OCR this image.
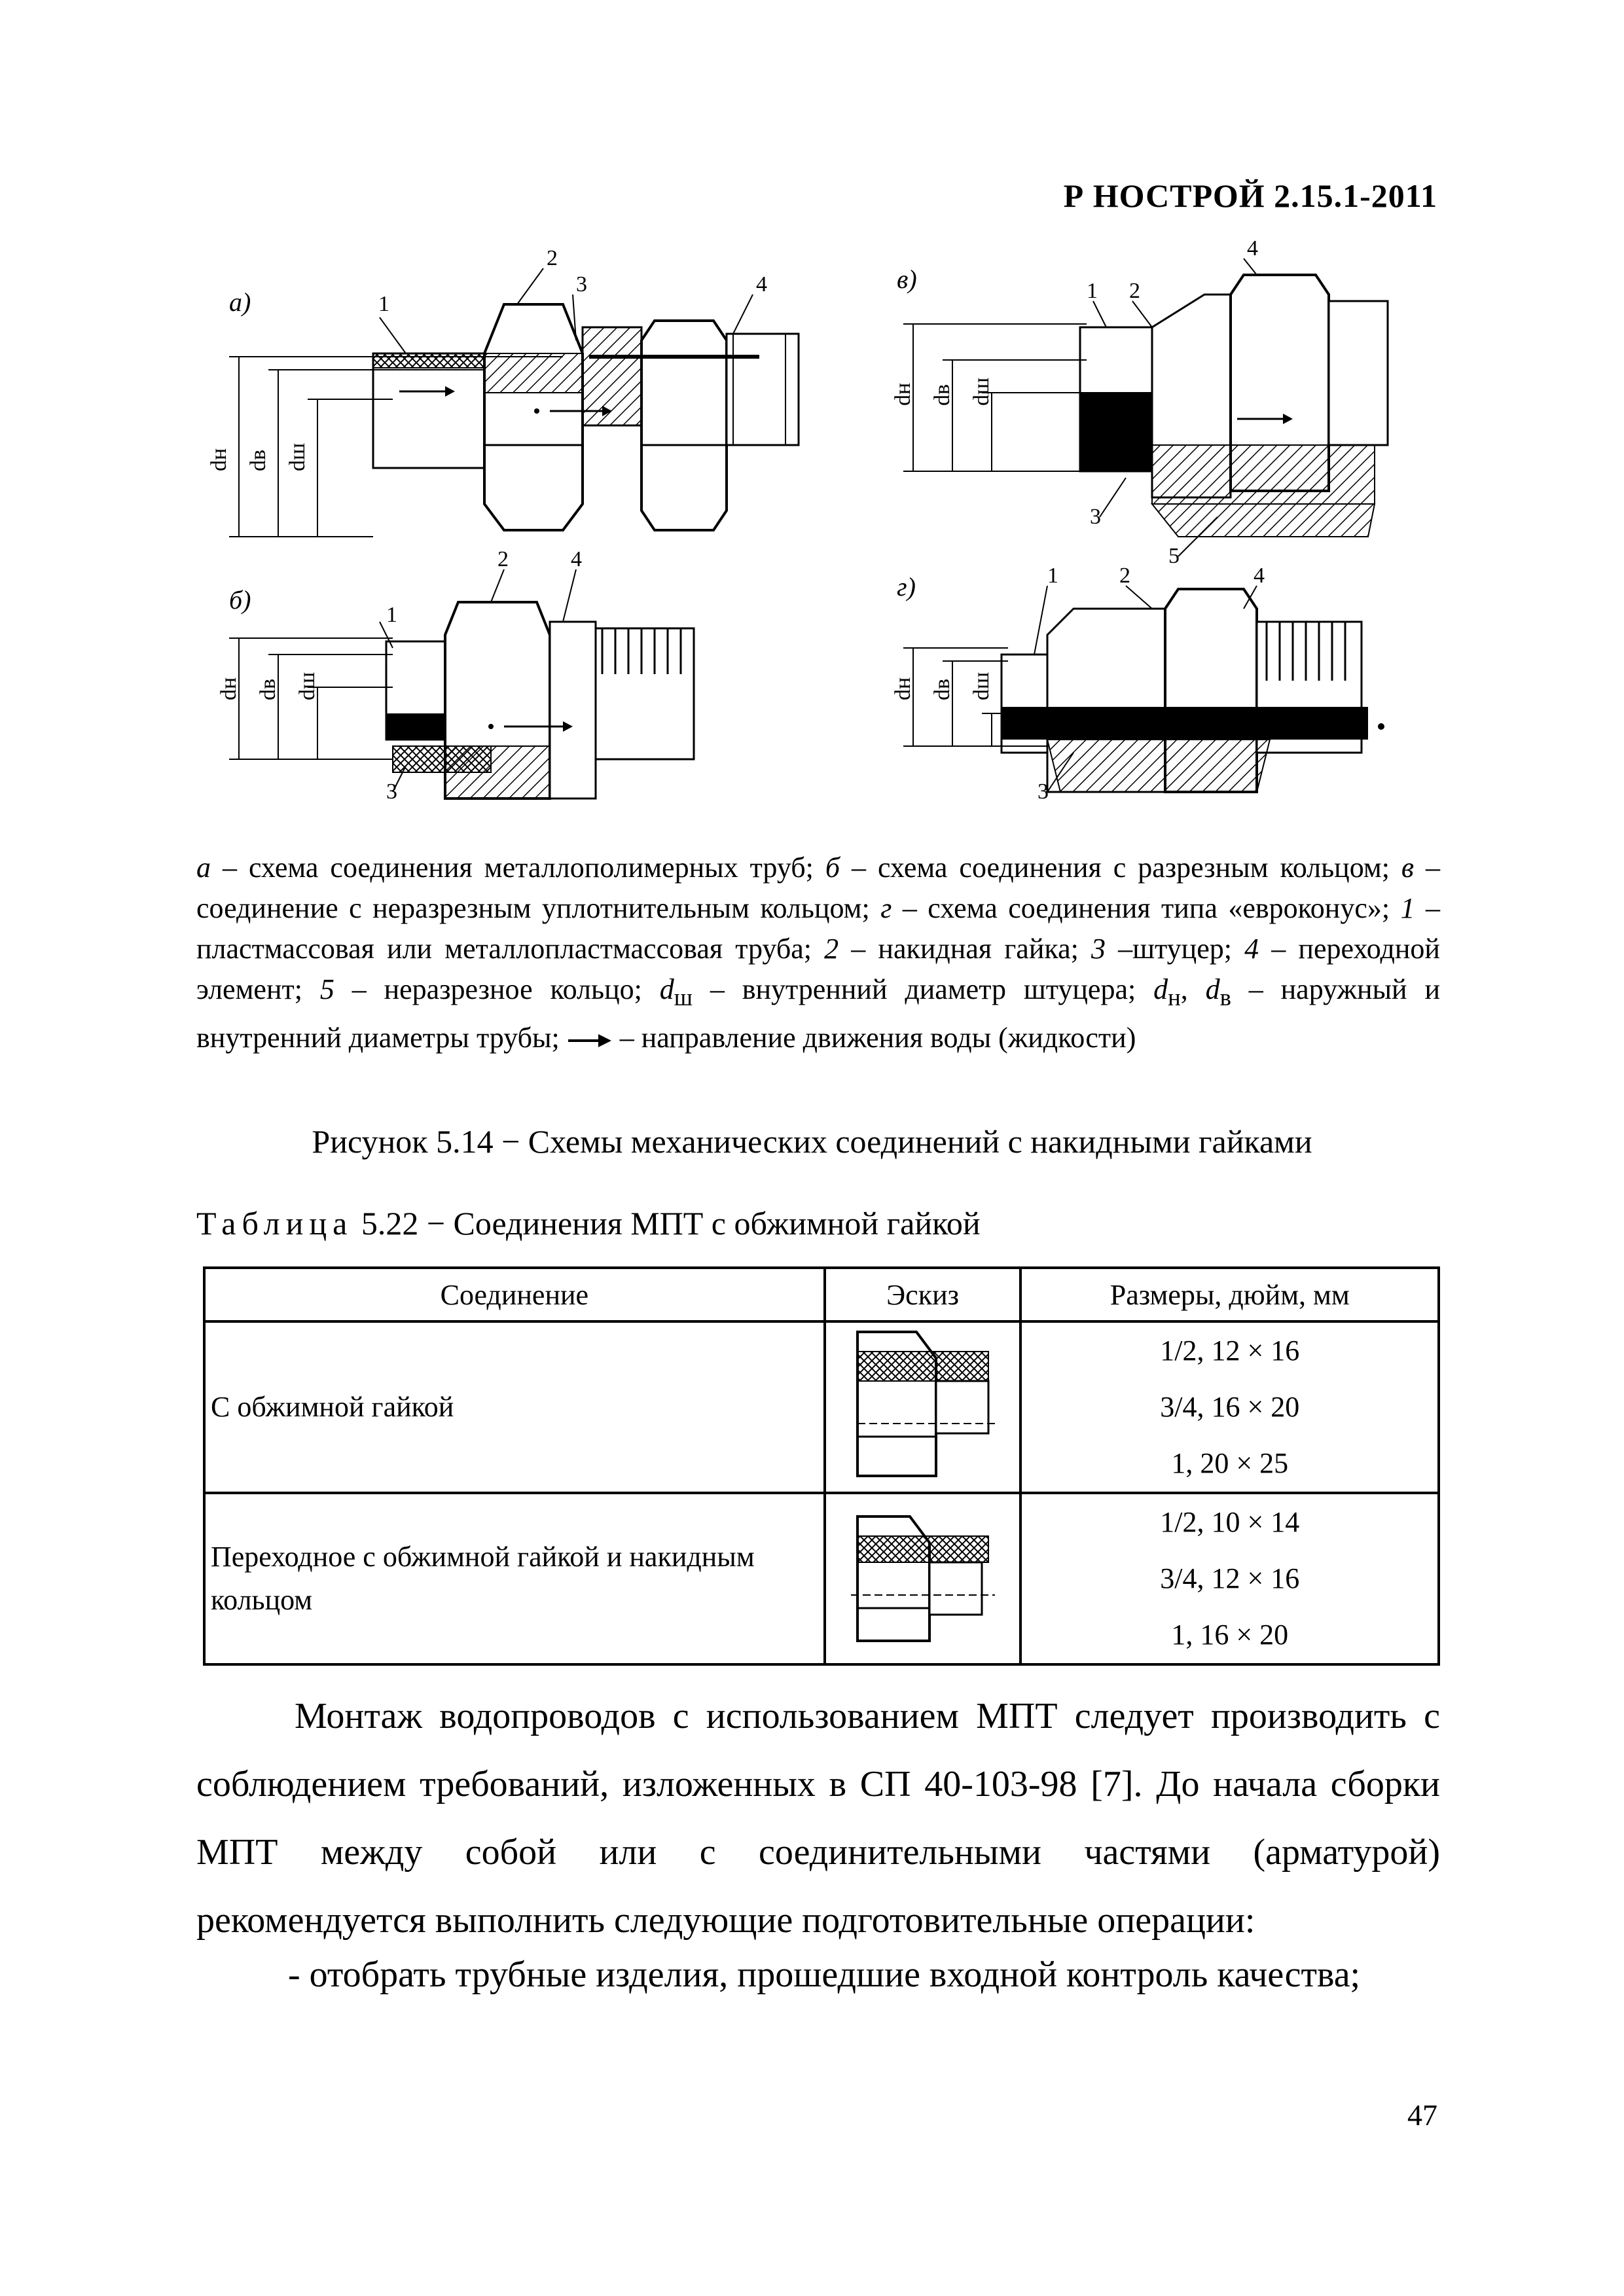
Р НОСТРОЙ 2.15.1-2011
а)
dн dв dш
1
2
3	4
б)
dн dв dш
1
2
3
4
в)
dн dв dш
1 2
3
4
5
г)
dн dв dш
1	2
3
4
а – схема соединения металлополимерных труб; б – схема соединения с разрезным кольцом; в – соединение с неразрезным уплотнительным кольцом; г – схема соединения типа «евроконус»; 1 – пластмассовая или металлопластмассовая труба; 2 – накидная гайка; 3 –штуцер; 4 – переходной элемент; 5 – неразрезное кольцо; $d_ш$ – внутренний диаметр штуцера; $d_н$, $d_в$ – наружный и внутренний диаметры трубы;  – направление движения воды (жидкости)
Рисунок 5.14 − Схемы механических соединений с накидными гайками
Таблица 5.22 − Соединения МПТ с обжимной гайкой
Соединение	Эскиз	Размеры, дюйм, мм
С обжимной гайкой		1/2, 12 × 16
3/4, 16 × 20
1, 20 × 25

Переходное с обжимной гайкой и накидным кольцом		1/2, 10 × 14
3/4, 12 × 16
1, 16 × 20
Монтаж водопроводов с использованием МПТ следует производить с соблюдением требований, изложенных в СП 40-103-98 [7]. До начала сборки МПТ между собой или с соединительными частями (арматурой) рекомендуется выполнить следующие подготовительные операции:
- отобрать трубные изделия, прошедшие входной контроль качества;
47
